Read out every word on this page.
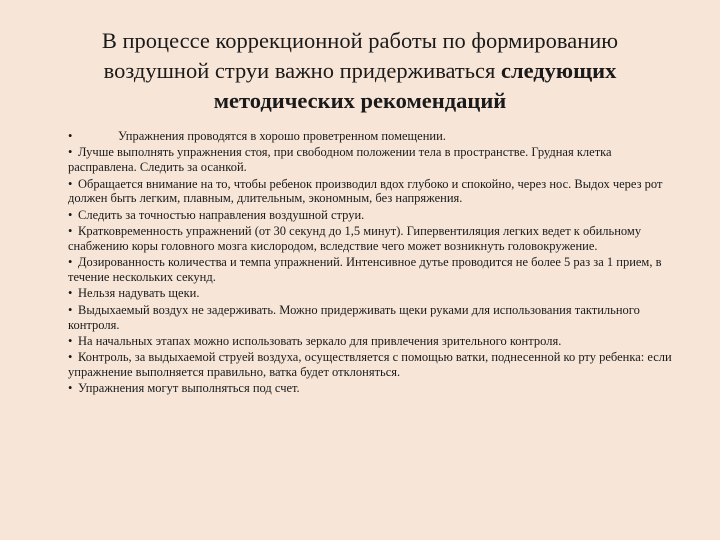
В процессе коррекционной работы по формированию
воздушной струи важно придерживаться следующих
методических рекомендаций
•	Упражнения проводятся в хорошо проветренном помещении.
• Лучше выполнять упражнения стоя, при свободном положении тела в пространстве. Грудная клетка расправлена. Следить за осанкой.
• Обращается внимание на то, чтобы ребенок производил вдох глубоко и спокойно, через нос. Выдох через рот должен быть легким, плавным, длительным, экономным, без напряжения.
• Следить за точностью направления воздушной струи.
• Кратковременность упражнений (от 30 секунд до 1,5 минут). Гипервентиляция легких ведет к обильному снабжению коры головного мозга кислородом, вследствие чего может возникнуть головокружение.
• Дозированность количества и темпа упражнений. Интенсивное дутье проводится не более 5 раз за 1 прием, в течение нескольких секунд.
• Нельзя надувать щеки.
• Выдыхаемый воздух не задерживать. Можно придерживать щеки руками для использования тактильного контроля.
• На начальных этапах можно использовать зеркало для привлечения зрительного контроля.
• Контроль, за выдыхаемой струей воздуха, осуществляется с помощью ватки, поднесенной ко рту ребенка: если упражнение выполняется правильно, ватка будет отклоняться.
• Упражнения могут выполняться под счет.
